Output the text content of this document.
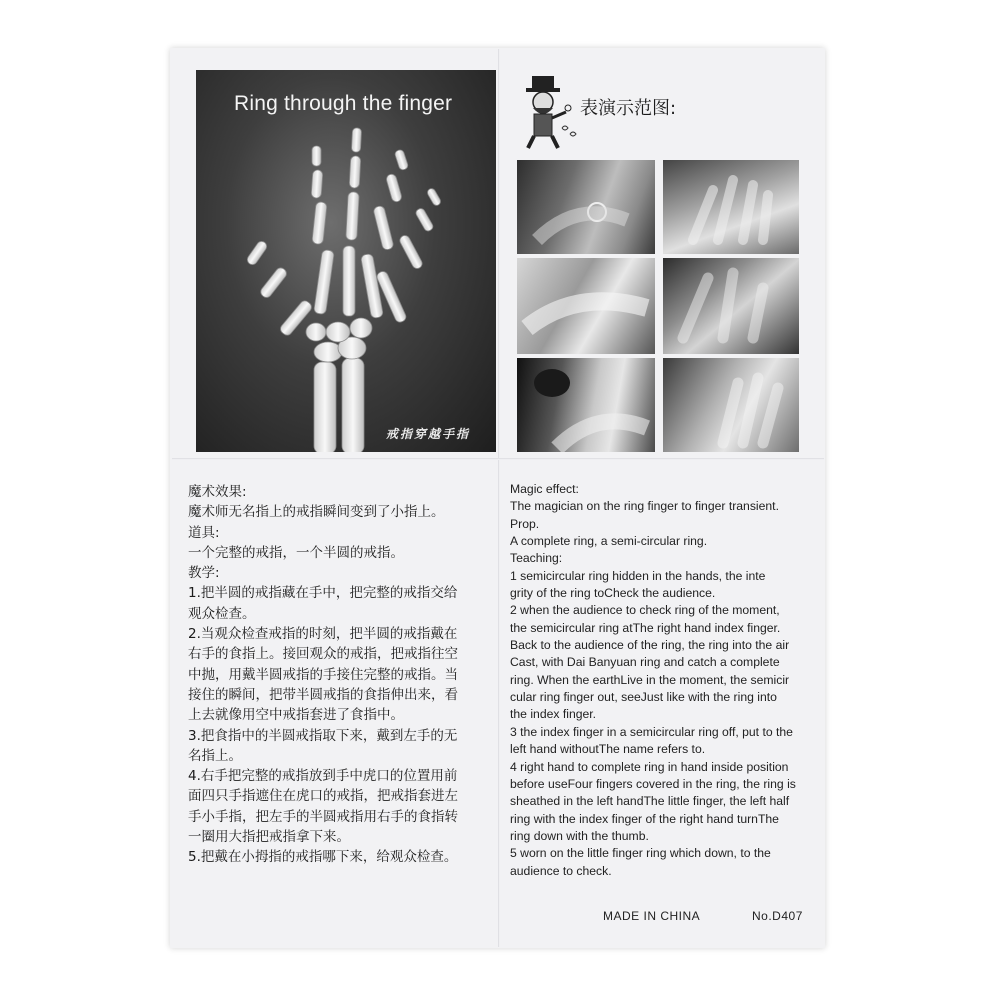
Ring through the finger
戒指穿越手指
表演示范图:

魔术效果:

魔术师无名指上的戒指瞬间变到了小指上。

道具:

一个完整的戒指，一个半圆的戒指。

教学:

1.把半圆的戒指藏在手中，把完整的戒指交给

观众检查。

2.当观众检查戒指的时刻，把半圆的戒指戴在

右手的食指上。接回观众的戒指，把戒指往空

中抛，用戴半圆戒指的手接住完整的戒指。当

接住的瞬间，把带半圆戒指的食指伸出来，看

上去就像用空中戒指套进了食指中。

3.把食指中的半圆戒指取下来，戴到左手的无

名指上。

4.右手把完整的戒指放到手中虎口的位置用前

面四只手指遮住在虎口的戒指，把戒指套进左

手小手指，把左手的半圆戒指用右手的食指转

一圈用大指把戒指拿下来。

5.把戴在小拇指的戒指哪下来，给观众检查。

Magic effect:

The magician on the ring finger to finger transient.

Prop.

A complete ring, a semi-circular ring.

Teaching:

1 semicircular ring hidden in the hands, the inte

grity of the ring toCheck the audience.

2 when the audience to check ring of the moment,

the semicircular ring atThe right hand index finger.

Back to the audience of the ring, the ring into the air

Cast, with Dai Banyuan ring and catch a complete

ring. When the earthLive in the moment, the semicir

cular ring finger out, seeJust like with the ring into

the index finger.

3 the index finger in a semicircular ring off, put to the

left hand withoutThe name refers to.

4 right hand to complete ring in hand inside position

before useFour fingers covered in the ring, the ring is

sheathed in the left handThe little finger, the left half

ring with the index finger of the right hand turnThe

ring down with the thumb.

5 worn on the little finger ring which down, to the

audience to check.

MADE IN CHINA	No.D407
